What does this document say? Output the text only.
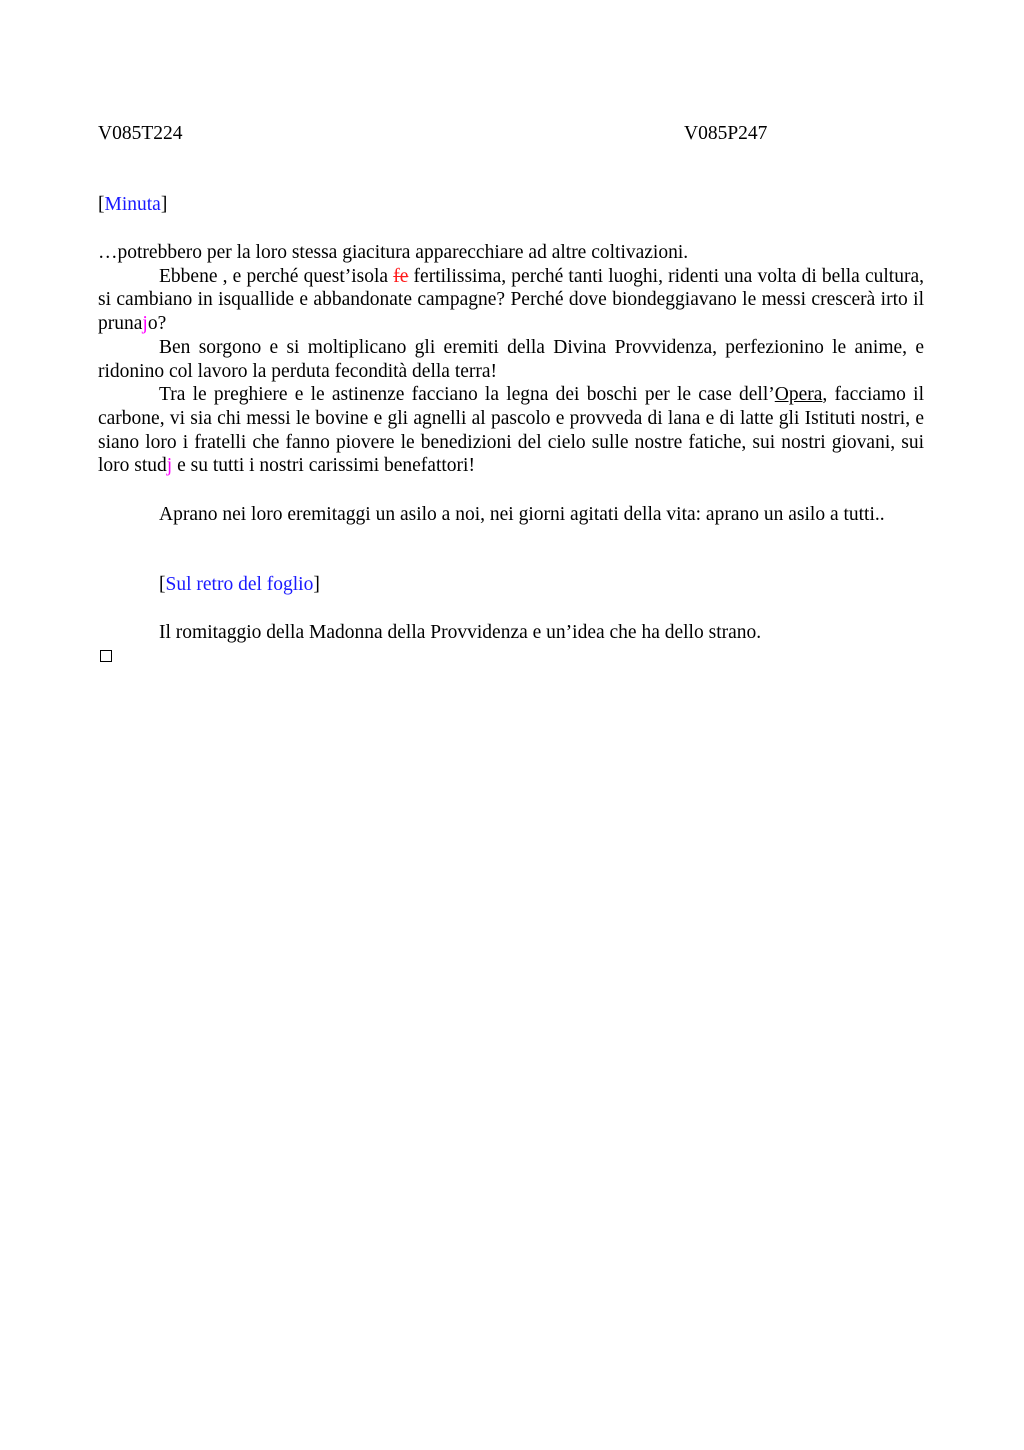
V085T224	V085P247
[Minuta]

…potrebbero per la loro stessa giacitura apparecchiare ad altre coltivazioni.

Ebbene , e perché quest’isola fe fertilissima, perché tanti luoghi, ridenti una volta di bella cultura, si cambiano in isquallide e abbandonate campagne? Perché dove biondeggiavano le messi crescerà irto il prunajo?

Ben sorgono e si moltiplicano gli eremiti della Divina Provvidenza, perfezionino le anime, e ridonino col lavoro la perduta fecondità della terra!

Tra le preghiere e le astinenze facciano la legna dei boschi per le case dell’Opera, facciamo il carbone, vi sia chi messi le bovine e gli agnelli al pascolo e provveda di lana e di latte gli Istituti nostri, e siano loro i fratelli che fanno piovere le benedizioni del cielo sulle nostre fatiche, sui nostri giovani, sui loro studj e su tutti i nostri carissimi benefattori!

Aprano nei loro eremitaggi un asilo a noi, nei giorni agitati della vita: aprano un asilo a tutti..

[Sul retro del foglio]
Il romitaggio della Madonna della Provvidenza e un’idea che ha dello strano.
